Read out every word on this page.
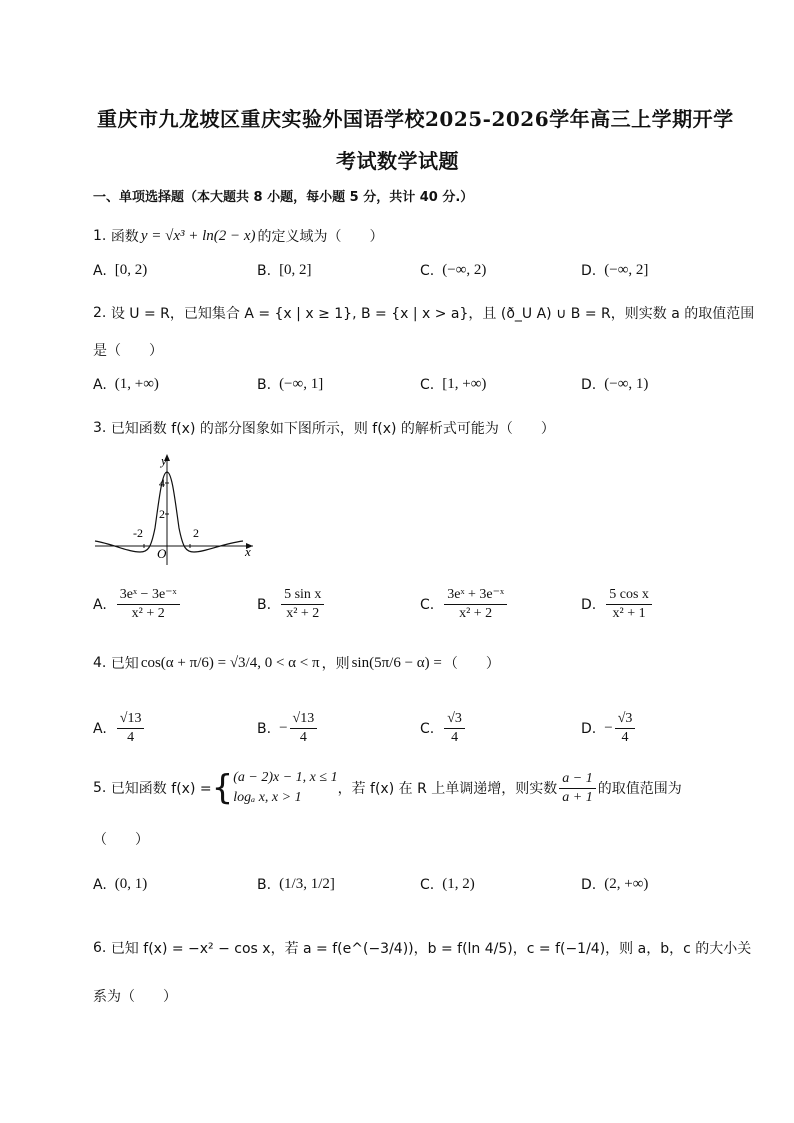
重庆市九龙坡区重庆实验外国语学校2025-2026学年高三上学期开学
考试数学试题
一、单项选择题（本大题共 8 小题，每小题 5 分，共计 40 分.）
1.
函数 y = √x³ + ln(2 − x) 的定义域为（　　）
A. [0, 2)	B. [0, 2]	C. (−∞, 2)	D. (−∞, 2]
2.
设 U = R，已知集合 A = {x | x ≥ 1}, B = {x | x > a}，且 (ð_U A) ∪ B = R，则实数 a 的取值范围
是（　　）
A. (1, +∞)	B. (−∞, 1]	C. [1, +∞)	D. (−∞, 1)
3.
已知函数 f(x) 的部分图象如下图所示，则 f(x) 的解析式可能为（　　）
y
x
O
4
2
-2	2
A. $\frac{\text{3eˣ − 3e⁻ˣ}}{\text{x² + 2}}$	B. $\frac{\text{5 sin x}}{\text{x² + 2}}$	C. $\frac{\text{3eˣ + 3e⁻ˣ}}{\text{x² + 2}}$	D. $\frac{\text{5 cos x}}{\text{x² + 1}}$
4.
已知 cos(α + π/6) = √3/4, 0 < α < π ，则 sin(5π/6 − α) = （　　）
A. $\frac{√13}{4}$	B. − $\frac{√13}{4}$	C. $\frac{√3}{4}$	D. − $\frac{√3}{4}$
5.
已知函数 f(x) = { (a − 2)x − 1, x ≤ 1
logₐ x, x > 1
，若 f(x) 在 R 上单调递增，则实数 $\frac{a - 1}{a + 1}$ 的取值范围为
（　　）
A. (0, 1)	B. (1/3, 1/2]	C. (1, 2)	D. (2, +∞)
6.
已知 f(x) = −x² − cos x，若 a = f(e^(−3/4))，b = f(ln 4/5)，c = f(−1/4)，则 a，b，c 的大小关
系为（　　）
